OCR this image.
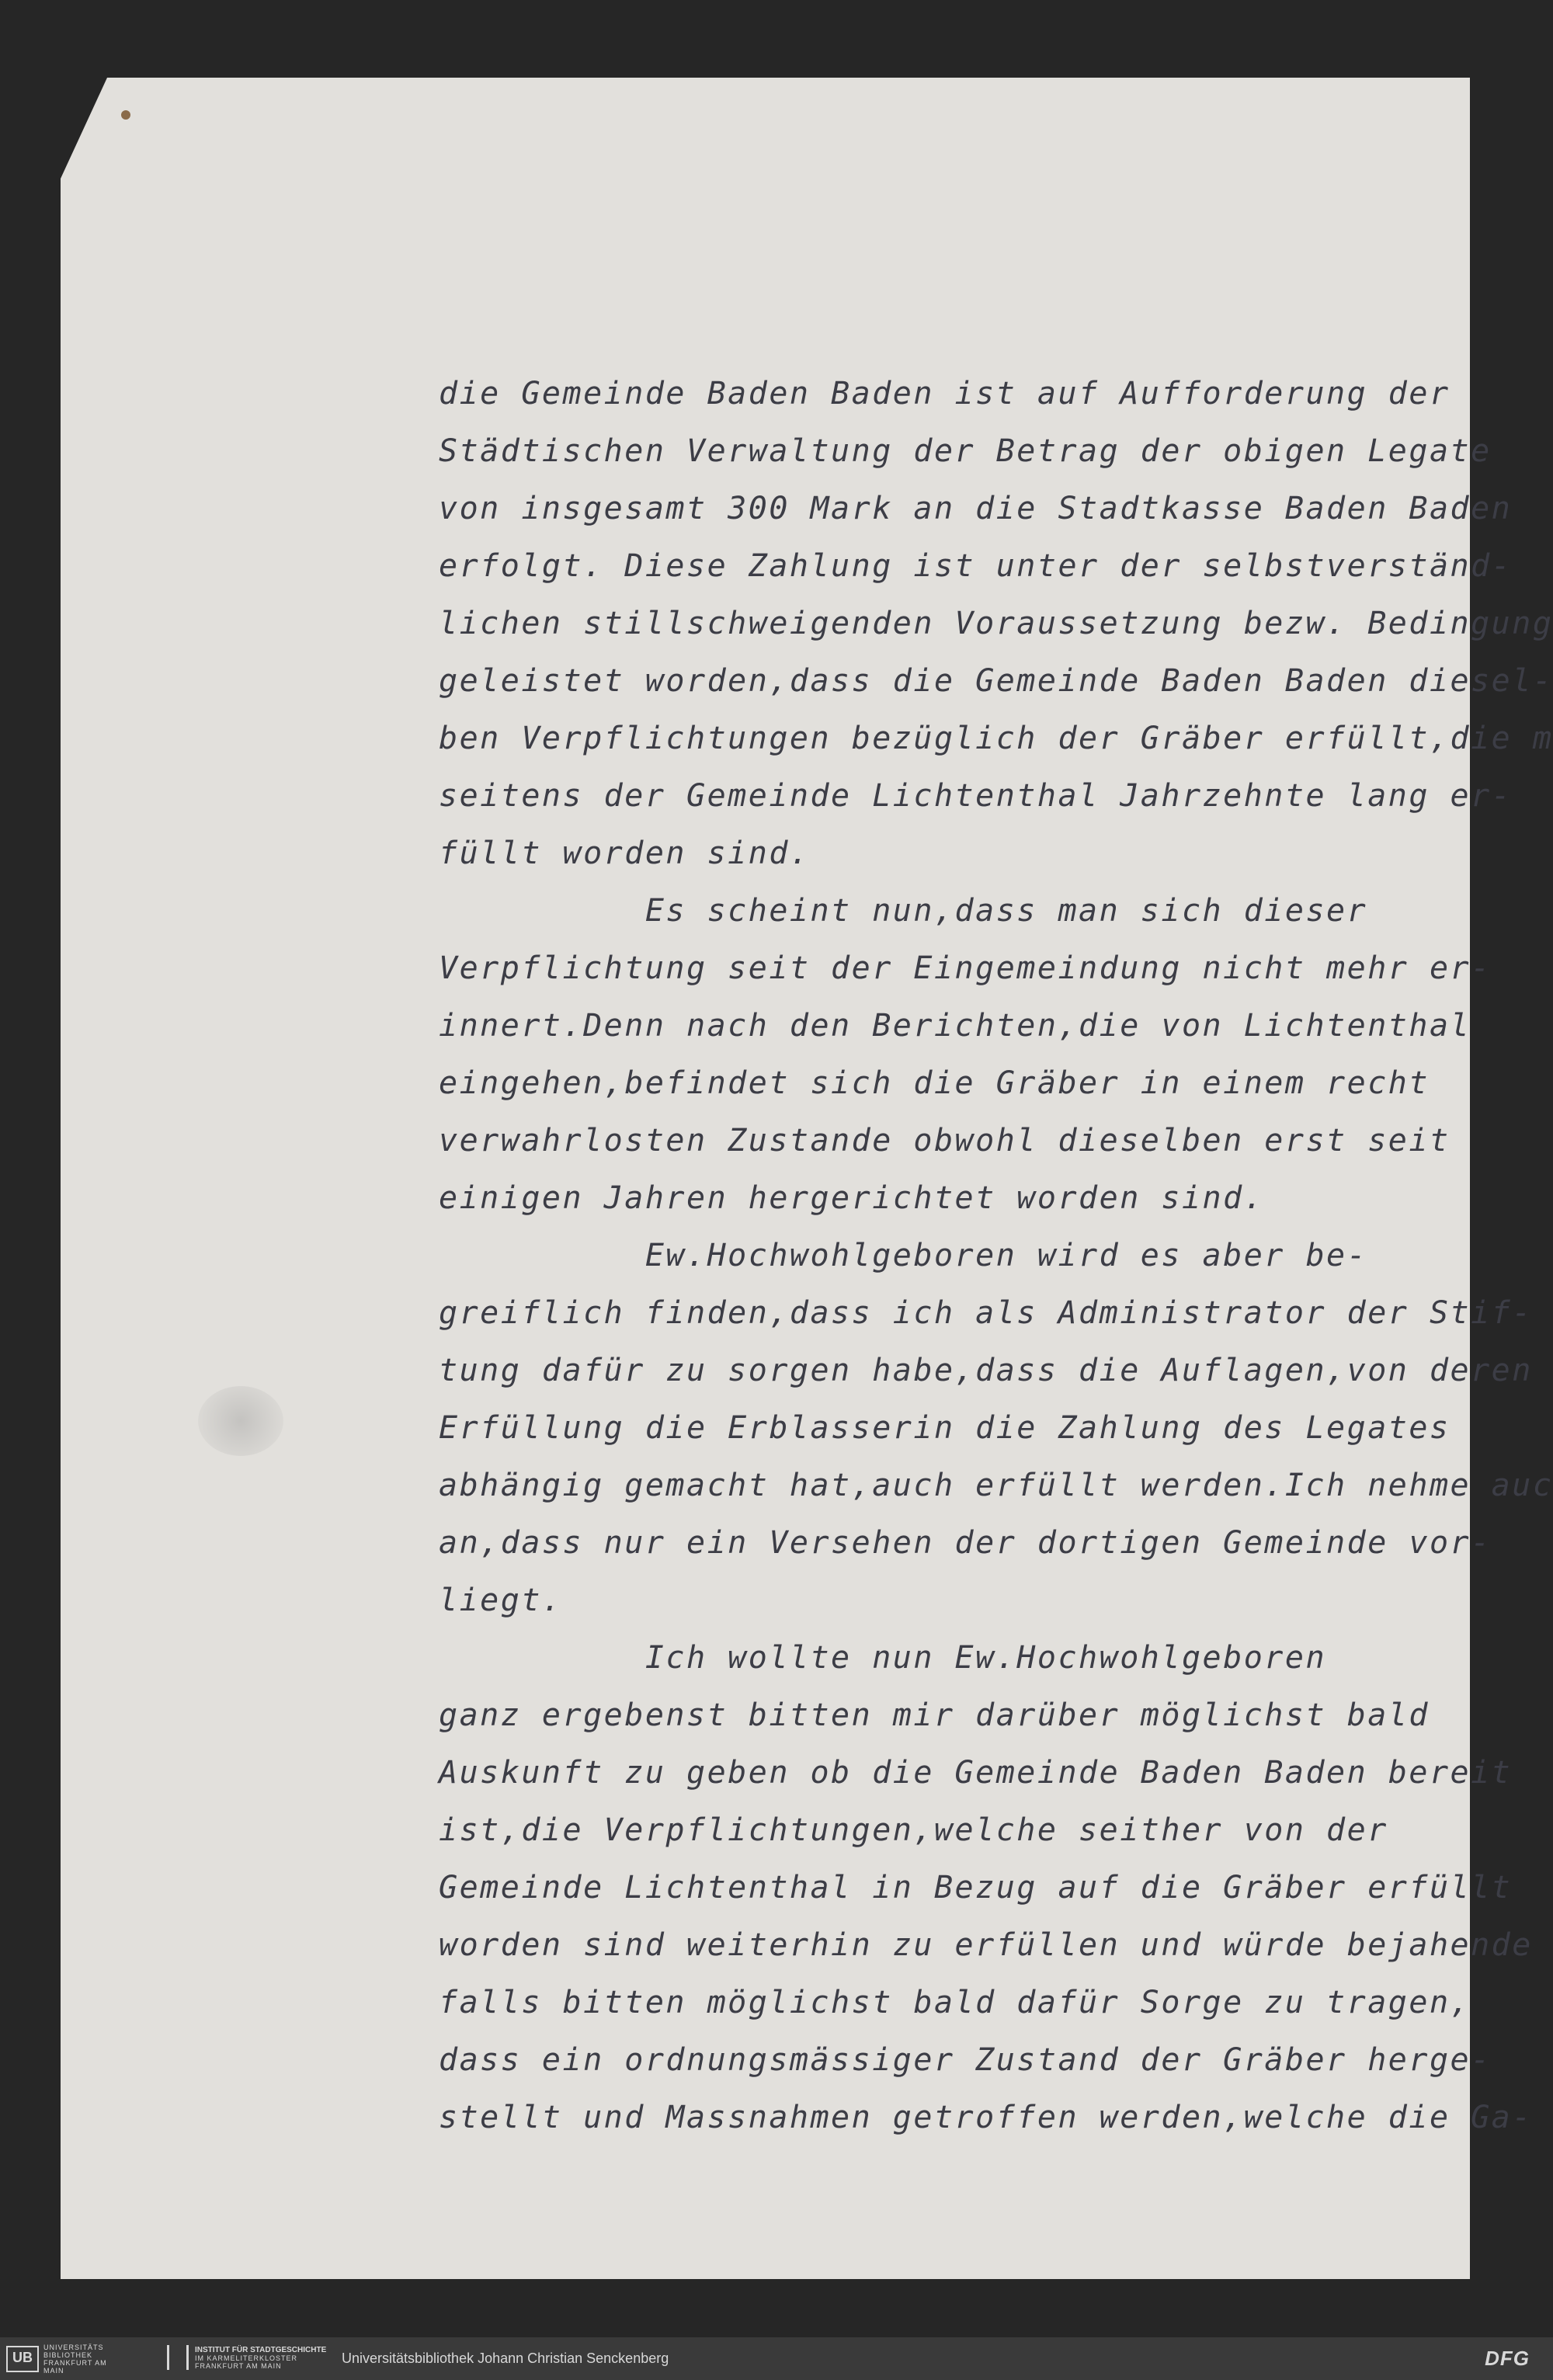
die Gemeinde Baden Baden ist auf Aufforderung der
Städtischen Verwaltung der Betrag der obigen Legate
von insgesamt 300 Mark an die Stadtkasse Baden Baden
erfolgt. Diese Zahlung ist unter der selbstverständ-
lichen stillschweigenden Voraussetzung bezw. Bedingung
geleistet worden,dass die Gemeinde Baden Baden diesel-
ben Verpflichtungen bezüglich der Gräber erfüllt,die m
seitens der Gemeinde Lichtenthal Jahrzehnte lang er-
füllt worden sind.
Es scheint nun,dass man sich dieser
Verpflichtung seit der Eingemeindung nicht mehr er-
innert.Denn nach den Berichten,die von Lichtenthal
eingehen,befindet sich die Gräber in einem recht
verwahrlosten Zustande obwohl dieselben erst seit
einigen Jahren hergerichtet worden sind.
Ew.Hochwohlgeboren wird es aber be-
greiflich finden,dass ich als Administrator der Stif-
tung dafür zu sorgen habe,dass die Auflagen,von deren
Erfüllung die Erblasserin die Zahlung des Legates
abhängig gemacht hat,auch erfüllt werden.Ich nehme auc
an,dass nur ein Versehen der dortigen Gemeinde vor-
liegt.
Ich wollte nun Ew.Hochwohlgeboren
ganz ergebenst bitten mir darüber möglichst bald
Auskunft zu geben ob die Gemeinde Baden Baden bereit
ist,die Verpflichtungen,welche seither von der
Gemeinde Lichtenthal in Bezug auf die Gräber erfüllt
worden sind weiterhin zu erfüllen und würde bejahende
falls bitten möglichst bald dafür Sorge zu tragen,
dass ein ordnungsmässiger Zustand der Gräber herge-
stellt und Massnahmen getroffen werden,welche die Ga-
UB
UNIVERSITÄTS BIBLIOTHEK FRANKFURT AM MAIN
INSTITUT FÜR STADTGESCHICHTE
IM KARMELITERKLOSTER FRANKFURT AM MAIN	Universitätsbibliothek Johann Christian Senckenberg	DFG
